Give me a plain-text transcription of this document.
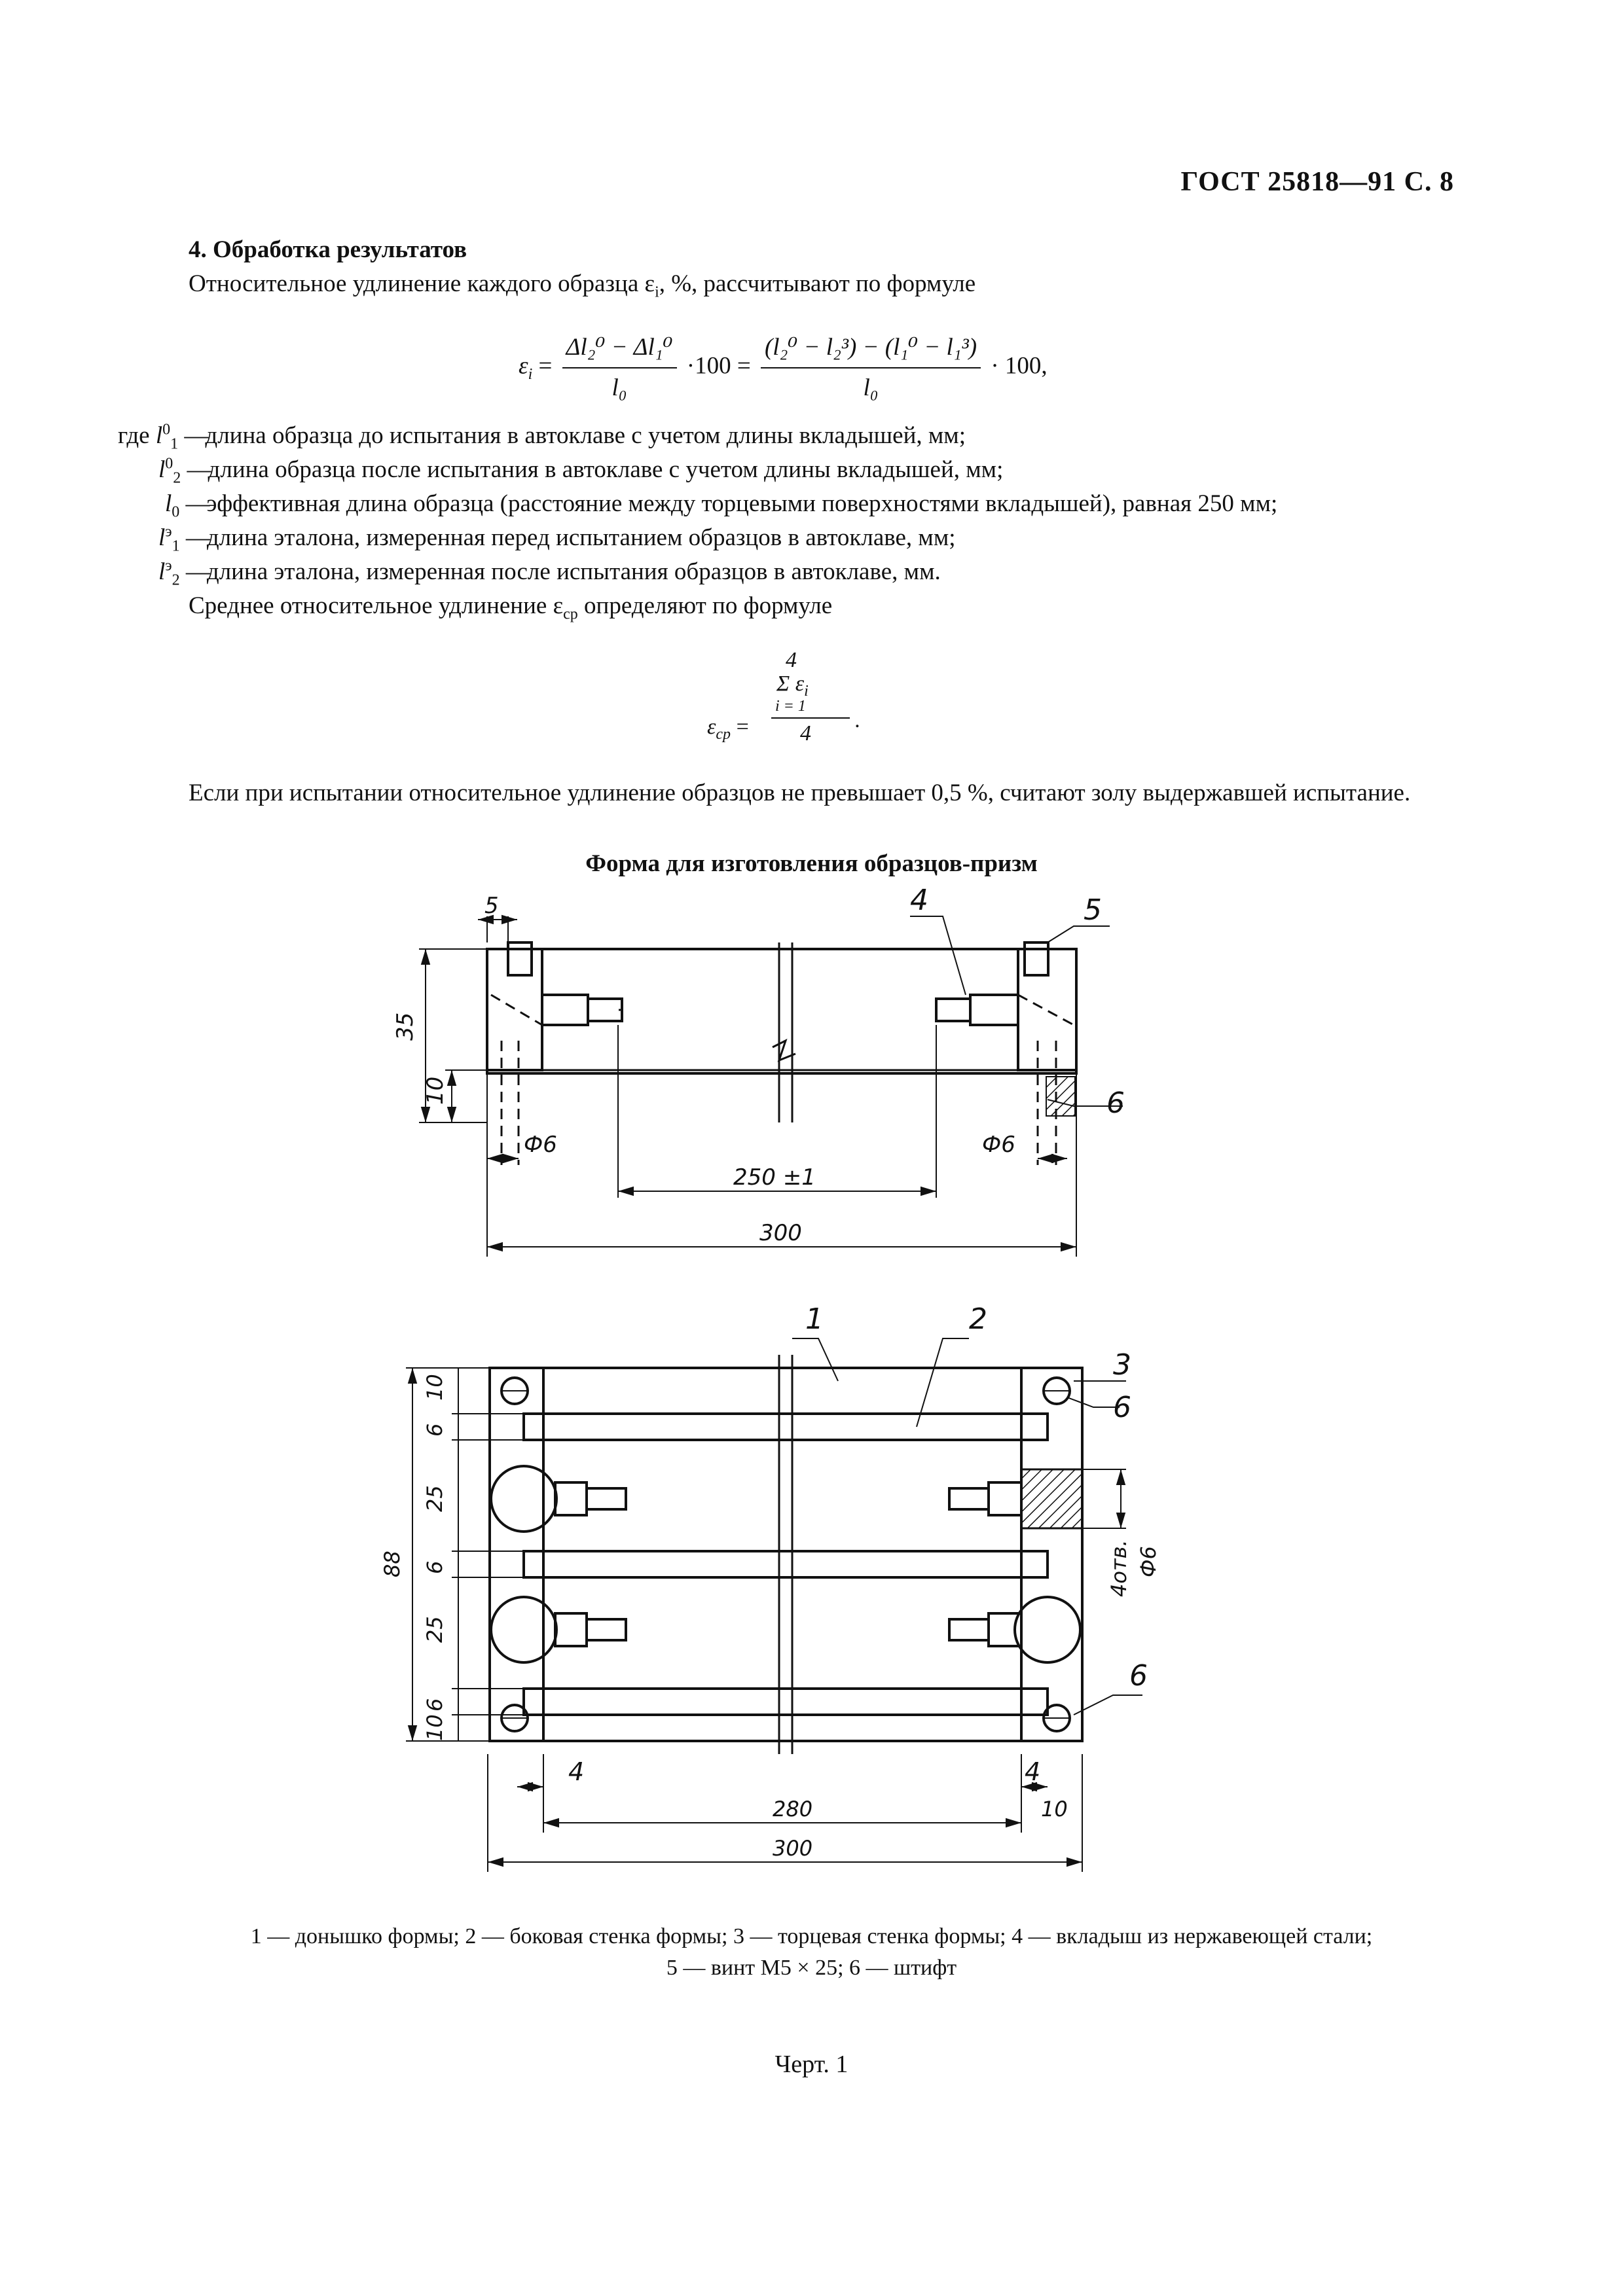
ГОСТ 25818—91 С. 8
4. Обработка результатов
Относительное удлинение каждого образца $\varepsilon_i$, %, рассчитывают по формуле
$\varepsilon_i = \frac{\text{Δl₂⁰ − Δl₁⁰}}{\text{l₀}} \cdot 100 = \frac{\text{(l₂⁰ − l₂³) − (l₁⁰ − l₁³)}}{\text{l₀}} \cdot 100$,
где $l^0_1$ —длина образца до испытания в автоклаве с учетом длины вкладышей, мм;
$l^0_2$ —длина образца после испытания в автоклаве с учетом длины вкладышей, мм;
$l_0$ —эффективная длина образца (расстояние между торцевыми поверхностями вкладышей), равная 250 мм;
$l^э_1$ —длина эталона, измеренная перед испытанием образцов в автоклаве, мм;
$l^э_2$ —длина эталона, измеренная после испытания образцов в автоклаве, мм.
Среднее относительное удлинение $\varepsilon_{ср}$ определяют по формуле
4
Σ $\varepsilon_i$
$\varepsilon_{ср}$ =
i = 1
4
.
Если при испытании относительное удлинение образцов не превышает 0,5 %, считают золу выдержавшей испытание.
Форма для изготовления образцов-призм
5
35
10
Ф6	Ф6
250 ±1
300
4	5
6
10
6
25
88 6
25
6
10
4	4
280	10
300
4отв. Ф6
1	2
3
6
6
1 — донышко формы; 2 — боковая стенка формы; 3 — торцевая стенка формы; 4 — вкладыш из нержавеющей стали;
5 — винт М5 × 25; 6 — штифт
Черт. 1
